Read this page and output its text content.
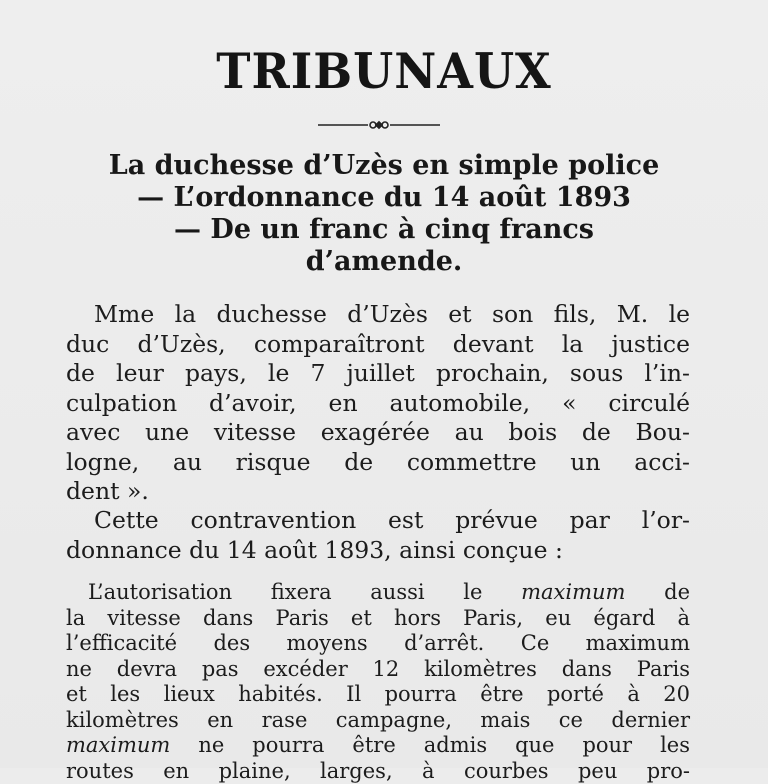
TRIBUNAUX
La duchesse d’Uzès en simple police
— L’ordonnance du 14 août 1893
— De un franc à cinq francs
d’amende.
Mme la duchesse d’Uzès et son fils, M. le
duc d’Uzès, comparaîtront devant la justice
de leur pays, le 7 juillet prochain, sous l’in-
culpation d’avoir, en automobile, « circulé
avec une vitesse exagérée au bois de Bou-
logne, au risque de commettre un acci-
dent ».
Cette contravention est prévue par l’or-
donnance du 14 août 1893, ainsi conçue :
L’autorisation fixera aussi le maximum de
la vitesse dans Paris et hors Paris, eu égard à
l’efficacité des moyens d’arrêt. Ce maximum
ne devra pas excéder 12 kilomètres dans Paris
et les lieux habités. Il pourra être porté à 20
kilomètres en rase campagne, mais ce dernier
maximum ne pourra être admis que pour les
routes en plaine, larges, à courbes peu pro-
